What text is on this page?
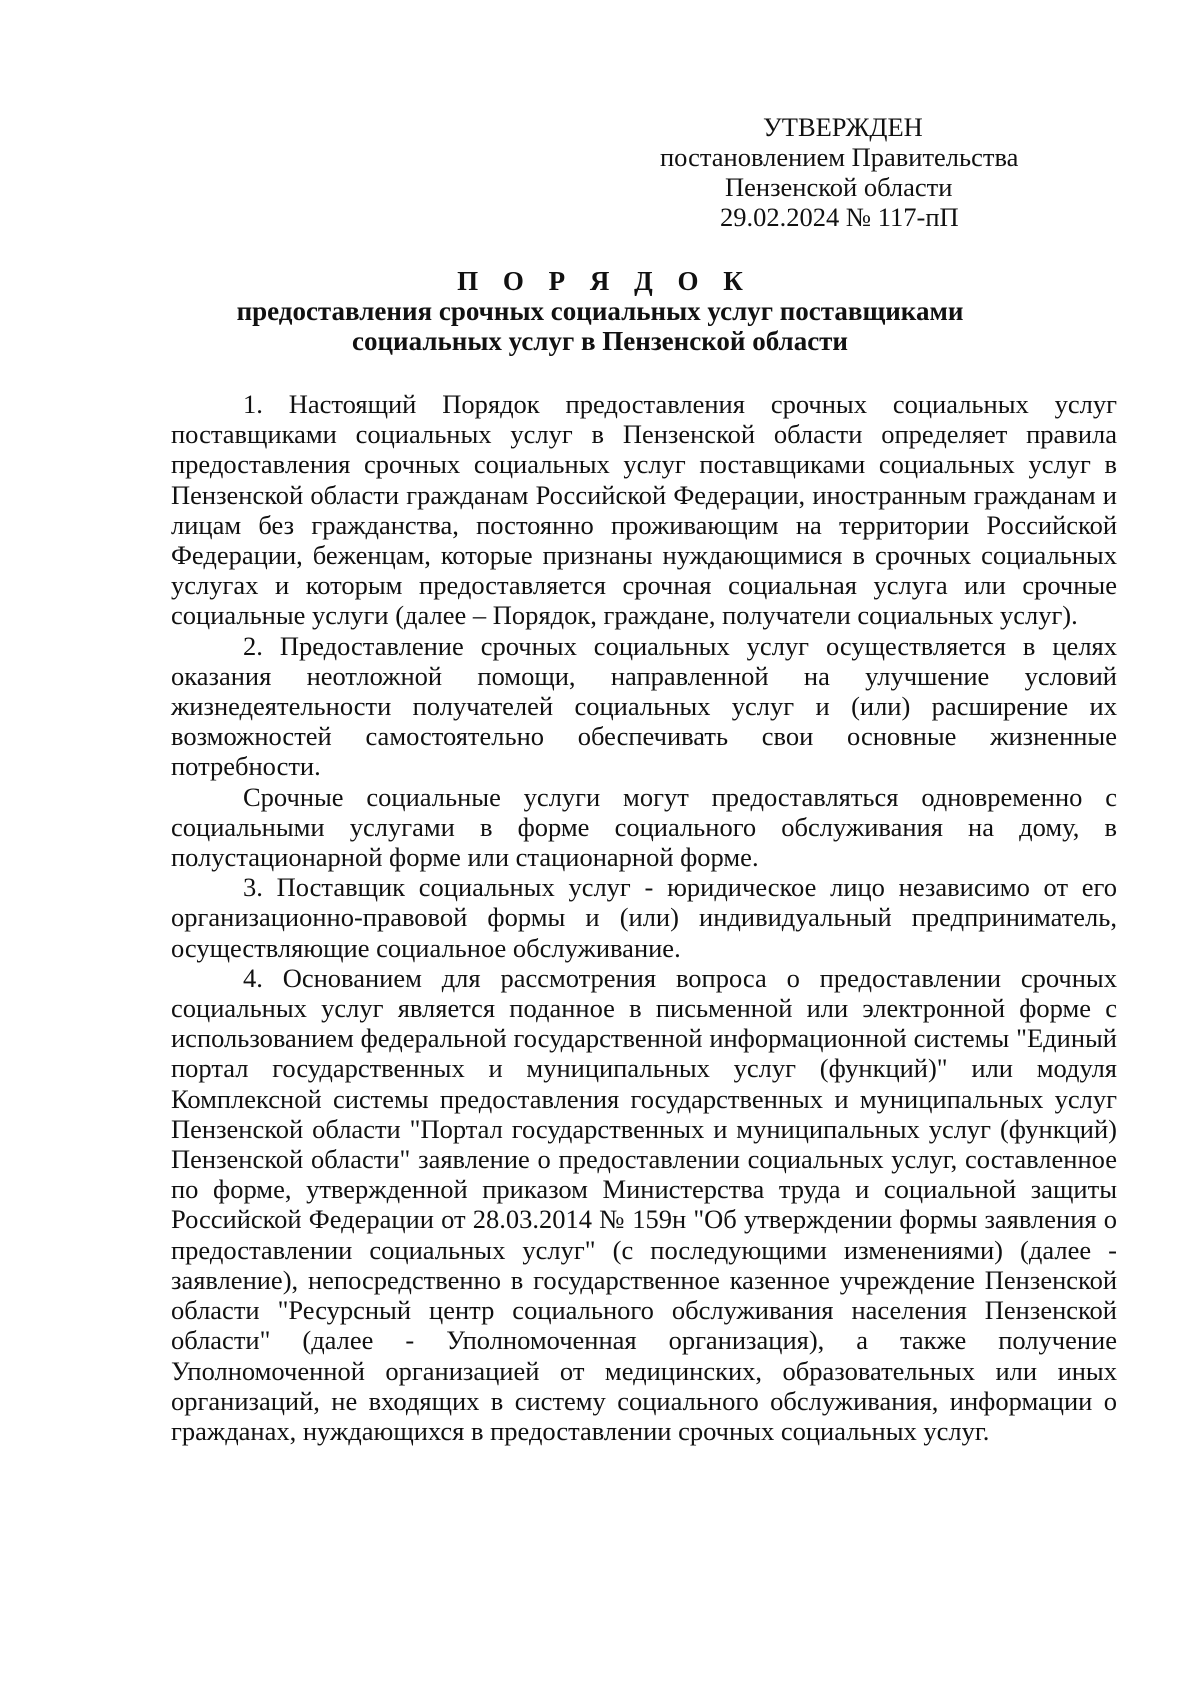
УТВЕРЖДЕН
постановлением Правительства
Пензенской области
29.02.2024 № 117-пП
П О Р Я Д О К
предоставления срочных социальных услуг поставщиками
социальных услуг в Пензенской области

1. Настоящий Порядок предоставления срочных социальных услуг поставщиками социальных услуг в Пензенской области определяет правила предоставления срочных социальных услуг поставщиками социальных услуг в Пензенской области гражданам Российской Федерации, иностранным гражданам и лицам без гражданства, постоянно проживающим на территории Российской Федерации, беженцам, которые признаны нуждающимися в срочных социальных услугах и которым предоставляется срочная социальная услуга или срочные социальные услуги (далее – Порядок, граждане, получатели социальных услуг).

2. Предоставление срочных социальных услуг осуществляется в целях оказания неотложной помощи, направленной на улучшение условий жизнедеятельности получателей социальных услуг и (или) расширение их возможностей самостоятельно обеспечивать свои основные жизненные потребности.

Срочные социальные услуги могут предоставляться одновременно с социальными услугами в форме социального обслуживания на дому, в полустационарной форме или стационарной форме.

3. Поставщик социальных услуг - юридическое лицо независимо от его организационно-правовой формы и (или) индивидуальный предприниматель, осуществляющие социальное обслуживание.

4. Основанием для рассмотрения вопроса о предоставлении срочных социальных услуг является поданное в письменной или электронной форме с использованием федеральной государственной информационной системы "Единый портал государственных и муниципальных услуг (функций)" или модуля Комплексной системы предоставления государственных и муниципальных услуг Пензенской области "Портал государственных и муниципальных услуг (функций) Пензенской области" заявление о предоставлении социальных услуг, составленное по форме, утвержденной приказом Министерства труда и социальной защиты Российской Федерации от 28.03.2014 № 159н "Об утверждении формы заявления о предоставлении социальных услуг" (с последующими изменениями) (далее - заявление), непосредственно в государственное казенное учреждение Пензенской области "Ресурсный центр социального обслуживания населения Пензенской области" (далее - Уполномоченная организация), а также получение Уполномоченной организацией от медицинских, образовательных или иных организаций, не входящих в систему социального обслуживания, информации о гражданах, нуждающихся в предоставлении срочных социальных услуг.
